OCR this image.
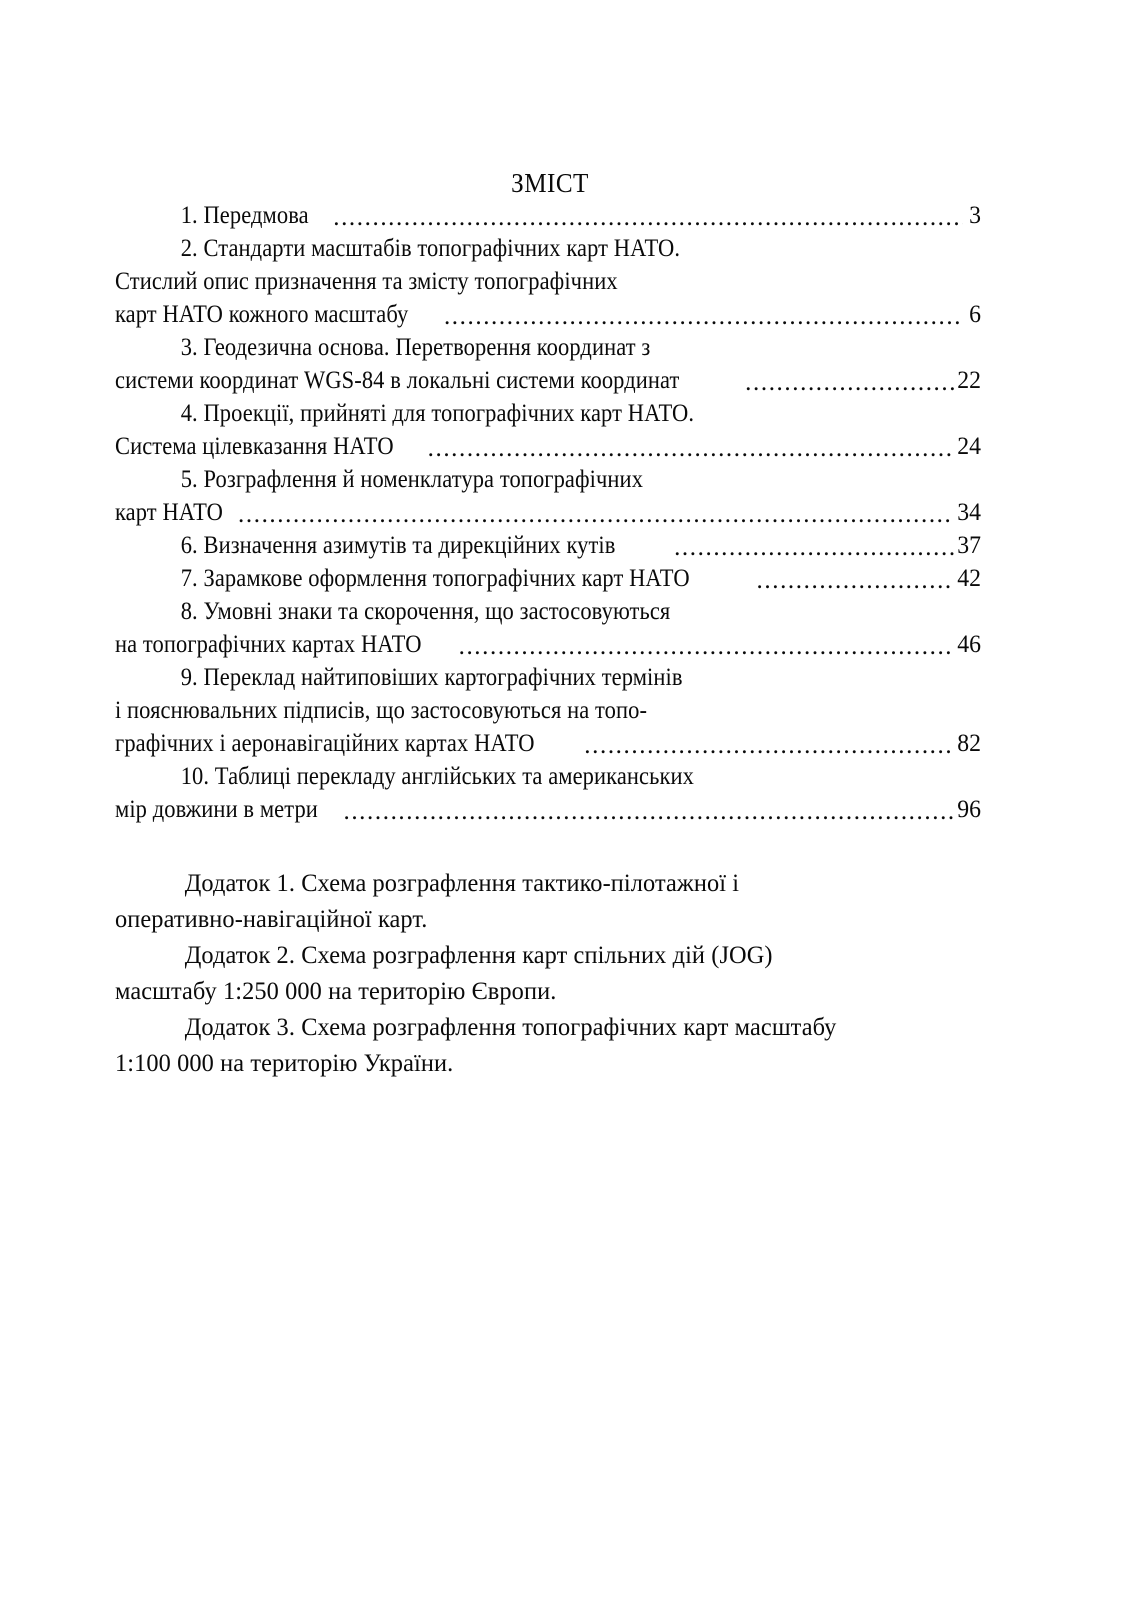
ЗМІСТ
1. Передмова .....	3
2. Стандарти масштабів топографічних карт НАТО.
Стислий опис призначення та змісту топографічних
карт НАТО кожного масштабу .....	6
3. Геодезична основа. Перетворення координат з
системи координат WGS-84 в локальні системи координат .....	22
4. Проекції, прийняті для топографічних карт НАТО.
Система цілевказання НАТО .....	24
5. Розграфлення й номенклатура топографічних
карт НАТО .....	34
6. Визначення азимутів та дирекційних кутів .....	37
7. Зарамкове оформлення топографічних карт НАТО .....	42
8. Умовні знаки та скорочення, що застосовуються
на топографічних картах НАТО .....	46
9. Переклад найтиповіших картографічних термінів
і пояснювальних підписів, що застосовуються на топо-
графічних і аеронавігаційних картах НАТО .....	82
10. Таблиці перекладу англійських та американських
мір довжини в метри .....	96
Додаток 1. Схема розграфлення тактико-пілотажної і
оперативно-навігаційної карт.
Додаток 2. Схема розграфлення карт спільних дій (JOG)
масштабу 1:250 000 на територію Європи.
Додаток 3. Схема розграфлення топографічних карт масштабу
1:100 000 на територію України.
